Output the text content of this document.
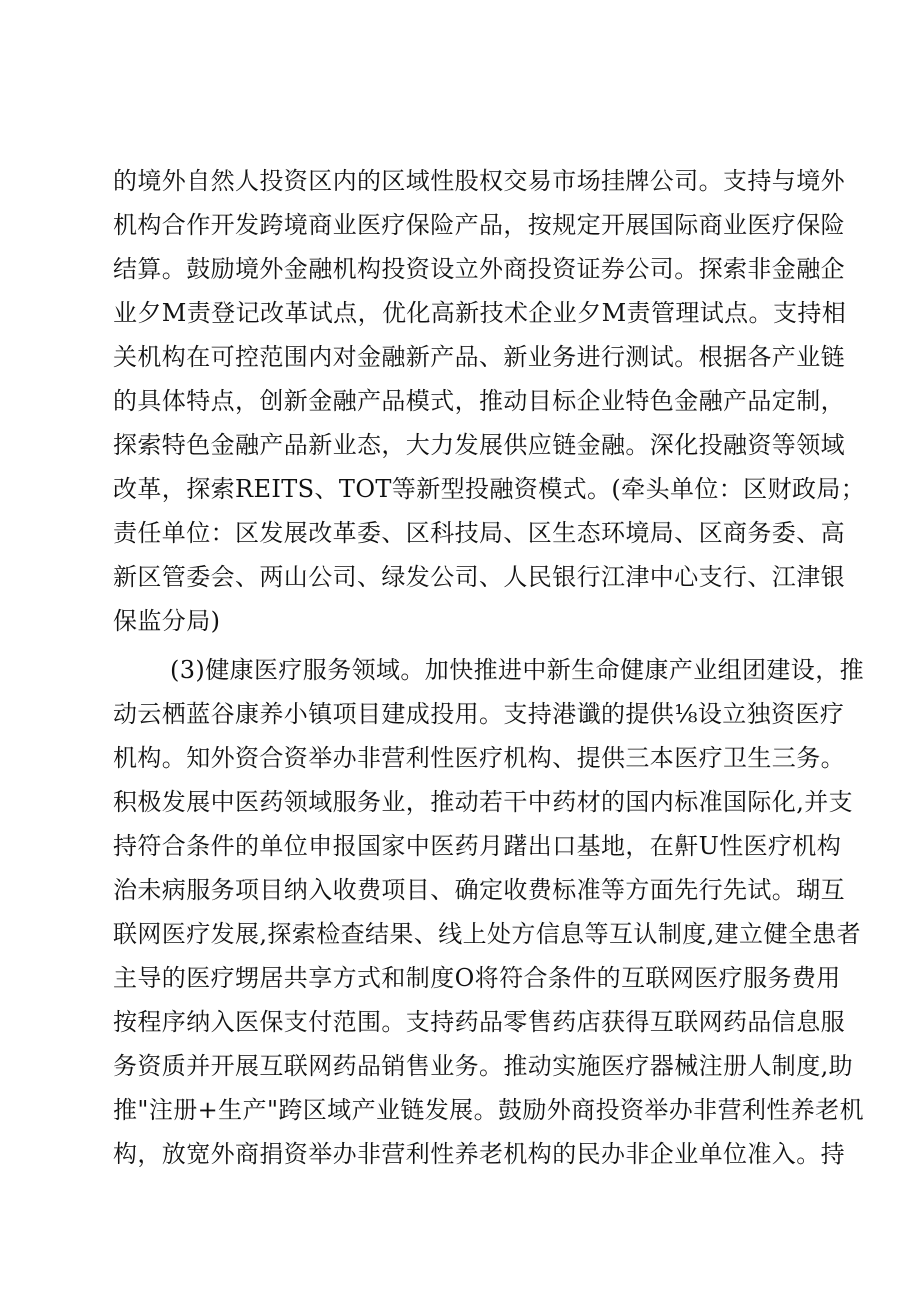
的境外自然人投资区内的区域性股权交易市场挂牌公司。支持与境外
机构合作开发跨境商业医疗保险产品，按规定开展国际商业医疗保险
结算。鼓励境外金融机构投资设立外商投资证券公司。探索非金融企
业夕M责登记改革试点，优化高新技术企业夕M责管理试点。支持相
关机构在可控范围内对金融新产品、新业务进行测试。根据各产业链
的具体特点，创新金融产品模式，推动目标企业特色金融产品定制，
探索特色金融产品新业态，大力发展供应链金融。深化投融资等领域
改革，探索REITS、TOT等新型投融资模式。(牵头单位：区财政局；
责任单位：区发展改革委、区科技局、区生态环境局、区商务委、高
新区管委会、两山公司、绿发公司、人民银行江津中心支行、江津银
保监分局)
(3)健康医疗服务领域。加快推进中新生命健康产业组团建设，推
动云栖蓝谷康养小镇项目建成投用。支持港谶的提供⅛设立独资医疗
机构。知外资合资举办非营利性医疗机构、提供三本医疗卫生三务。
积极发展中医药领域服务业，推动若干中药材的国内标准国际化,并支
持符合条件的单位申报国家中医药月躇出口基地，在鼾U性医疗机构
治未病服务项目纳入收费项目、确定收费标准等方面先行先试。瑚互
联网医疗发展,探索检查结果、线上处方信息等互认制度,建立健全患者
主导的医疗甥居共享方式和制度O将符合条件的互联网医疗服务费用
按程序纳入医保支付范围。支持药品零售药店获得互联网药品信息服
务资质并开展互联网药品销售业务。推动实施医疗器械注册人制度,助
推"注册+生产"跨区域产业链发展。鼓励外商投资举办非营利性养老机
构，放宽外商捐资举办非营利性养老机构的民办非企业单位准入。持
